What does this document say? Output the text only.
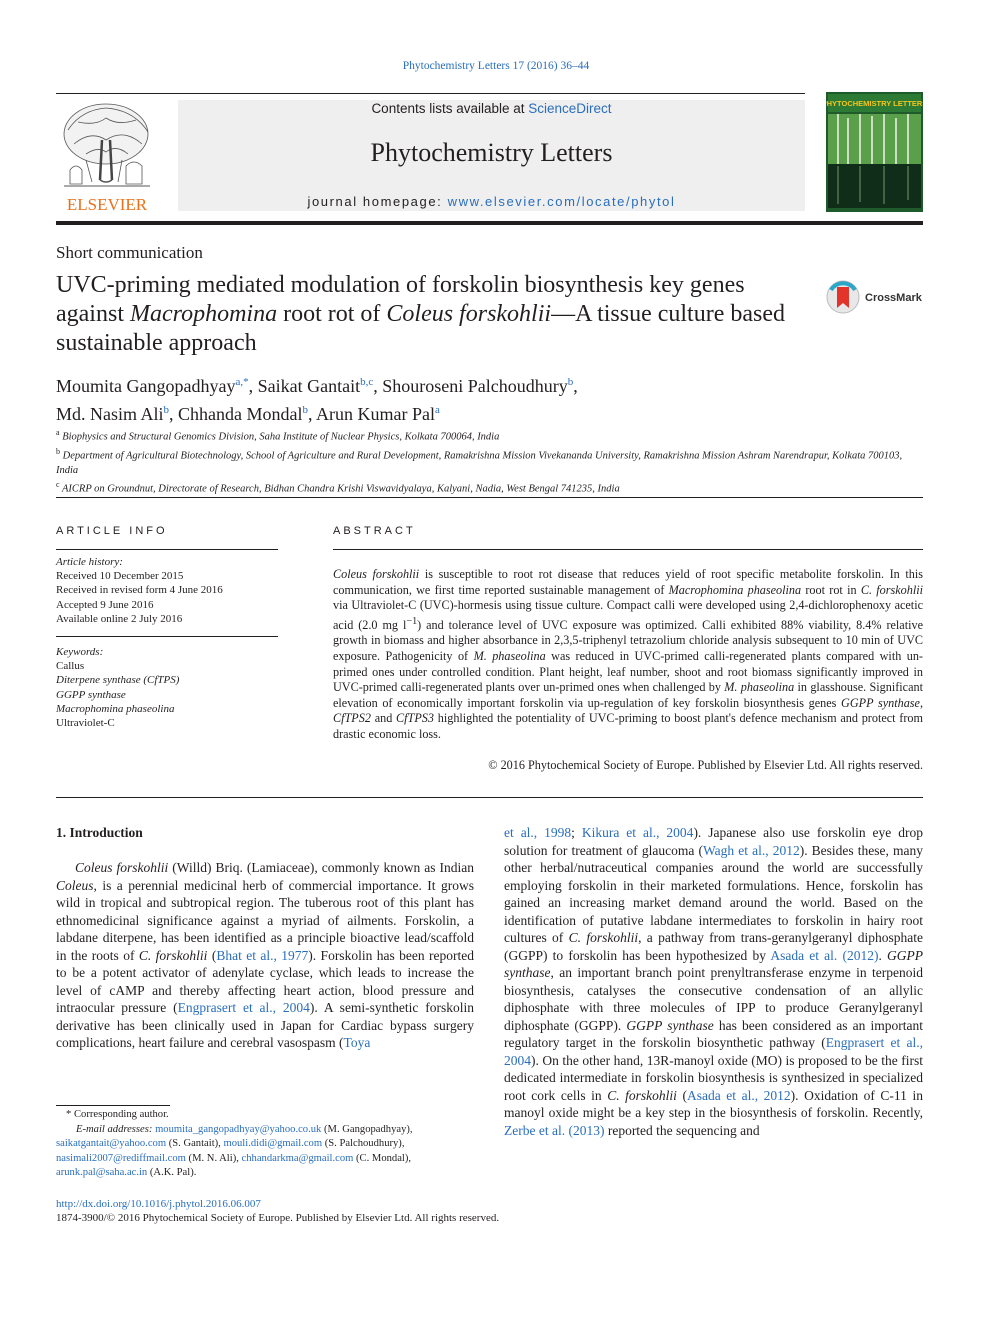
Phytochemistry Letters 17 (2016) 36–44
Contents lists available at ScienceDirect
Phytochemistry Letters
journal homepage: www.elsevier.com/locate/phytol
ELSEVIER
PHYTOCHEMISTRY LETTERS
Short communication
UVC-priming mediated modulation of forskolin biosynthesis key genes against Macrophomina root rot of Coleus forskohlii—A tissue culture based sustainable approach
CrossMark
Moumita Gangopadhyay$^{a,*}$, Saikat Gantait$^{b,c}$, Shouroseni Palchoudhury$^b$,
Md. Nasim Ali$^b$, Chhanda Mondal$^b$, Arun Kumar Pal$^a$
$^a$ Biophysics and Structural Genomics Division, Saha Institute of Nuclear Physics, Kolkata 700064, India
$^b$ Department of Agricultural Biotechnology, School of Agriculture and Rural Development, Ramakrishna Mission Vivekananda University, Ramakrishna Mission Ashram Narendrapur, Kolkata 700103, India
$^c$ AICRP on Groundnut, Directorate of Research, Bidhan Chandra Krishi Viswavidyalaya, Kalyani, Nadia, West Bengal 741235, India
ARTICLE INFO	ABSTRACT
Article history:
Received 10 December 2015
Received in revised form 4 June 2016
Accepted 9 June 2016
Available online 2 July 2016
Keywords:
Callus
Diterpene synthase (CfTPS)
GGPP synthase
Macrophomina phaseolina
Ultraviolet-C
Coleus forskohlii is susceptible to root rot disease that reduces yield of root specific metabolite forskolin. In this communication, we first time reported sustainable management of Macrophomina phaseolina root rot in C. forskohlii via Ultraviolet-C (UVC)-hormesis using tissue culture. Compact calli were developed using 2,4-dichlorophenoxy acetic acid (2.0 mg $l^{-1}$) and tolerance level of UVC exposure was optimized. Calli exhibited 88% viability, 8.4% relative growth in biomass and higher absorbance in 2,3,5-triphenyl tetrazolium chloride analysis subsequent to 10 min of UVC exposure. Pathogenicity of M. phaseolina was reduced in UVC-primed calli-regenerated plants compared with un-primed ones under controlled condition. Plant height, leaf number, shoot and root biomass significantly improved in UVC-primed calli-regenerated plants over un-primed ones when challenged by M. phaseolina in glasshouse. Significant elevation of economically important forskolin via up-regulation of key forskolin biosynthesis genes GGPP synthase, CfTPS2 and CfTPS3 highlighted the potentiality of UVC-priming to boost plant's defence mechanism and protect from drastic economic loss.
© 2016 Phytochemical Society of Europe. Published by Elsevier Ltd. All rights reserved.
1. Introduction
Coleus forskohlii (Willd) Briq. (Lamiaceae), commonly known as Indian Coleus, is a perennial medicinal herb of commercial importance. It grows wild in tropical and subtropical region. The tuberous root of this plant has ethnomedicinal significance against a myriad of ailments. Forskolin, a labdane diterpene, has been identified as a principle bioactive lead/scaffold in the roots of C. forskohlii (Bhat et al., 1977). Forskolin has been reported to be a potent activator of adenylate cyclase, which leads to increase the level of cAMP and thereby affecting heart action, blood pressure and intraocular pressure (Engprasert et al., 2004). A semi-synthetic forskolin derivative has been clinically used in Japan for Cardiac bypass surgery complications, heart failure and cerebral vasospasm (Toya
et al., 1998; Kikura et al., 2004). Japanese also use forskolin eye drop solution for treatment of glaucoma (Wagh et al., 2012). Besides these, many other herbal/nutraceutical companies around the world are successfully employing forskolin in their marketed formulations. Hence, forskolin has gained an increasing market demand around the world. Based on the identification of putative labdane intermediates to forskolin in hairy root cultures of C. forskohlii, a pathway from trans-geranylgeranyl diphosphate (GGPP) to forskolin has been hypothesized by Asada et al. (2012). GGPP synthase, an important branch point prenyltransferase enzyme in terpenoid biosynthesis, catalyses the consecutive condensation of an allylic diphosphate with three molecules of IPP to produce Geranylgeranyl diphosphate (GGPP). GGPP synthase has been considered as an important regulatory target in the forskolin biosynthetic pathway (Engprasert et al., 2004). On the other hand, 13R-manoyl oxide (MO) is proposed to be the first dedicated intermediate in forskolin biosynthesis is synthesized in specialized root cork cells in C. forskohlii (Asada et al., 2012). Oxidation of C-11 in manoyl oxide might be a key step in the biosynthesis of forskolin. Recently, Zerbe et al. (2013) reported the sequencing and
* Corresponding author.
E-mail addresses: moumita_gangopadhyay@yahoo.co.uk (M. Gangopadhyay),
saikatgantait@yahoo.com (S. Gantait), mouli.didi@gmail.com (S. Palchoudhury),
nasimali2007@rediffmail.com (M. N. Ali), chhandarkma@gmail.com (C. Mondal),
arunk.pal@saha.ac.in (A.K. Pal).
http://dx.doi.org/10.1016/j.phytol.2016.06.007
1874-3900/© 2016 Phytochemical Society of Europe. Published by Elsevier Ltd. All rights reserved.
